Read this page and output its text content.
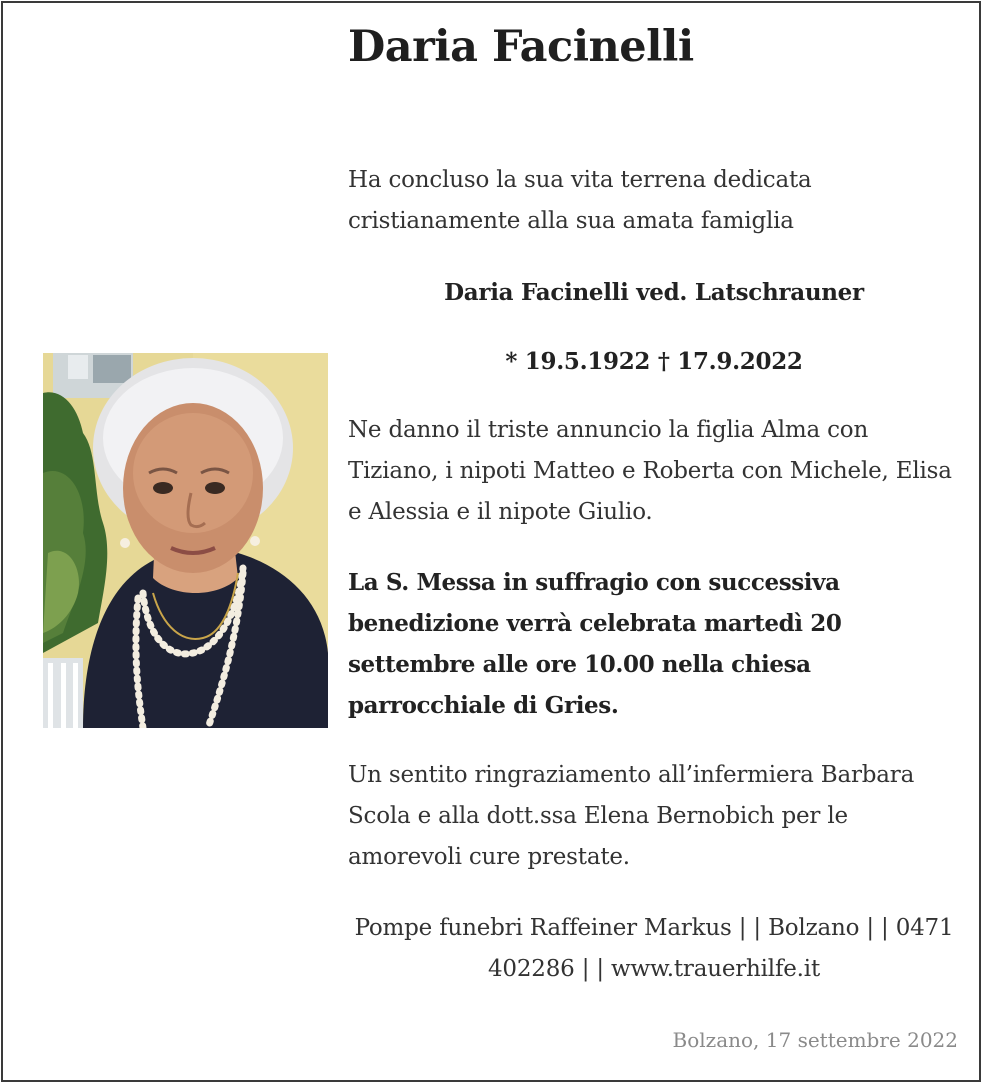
Daria Facinelli

Ha concluso la sua vita terrena dedicata cristianamente alla sua amata famiglia

Daria Facinelli ved. Latschrauner

* 19.5.1922 † 17.9.2022

Ne danno il triste annuncio la figlia Alma con Tiziano, i nipoti Matteo e Roberta con Michele, Elisa e Alessia e il nipote Giulio.

La S. Messa in suffragio con successiva benedizione verrà celebrata martedì 20 settembre alle ore 10.00 nella chiesa parrocchiale di Gries.

Un sentito ringraziamento all’infermiera Barbara Scola e alla dott.ssa Elena Bernobich per le amorevoli cure prestate.

Pompe funebri Raffeiner Markus | | Bolzano | | 0471 402286 | | www.trauerhilfe.it

Bolzano, 17 settembre 2022
